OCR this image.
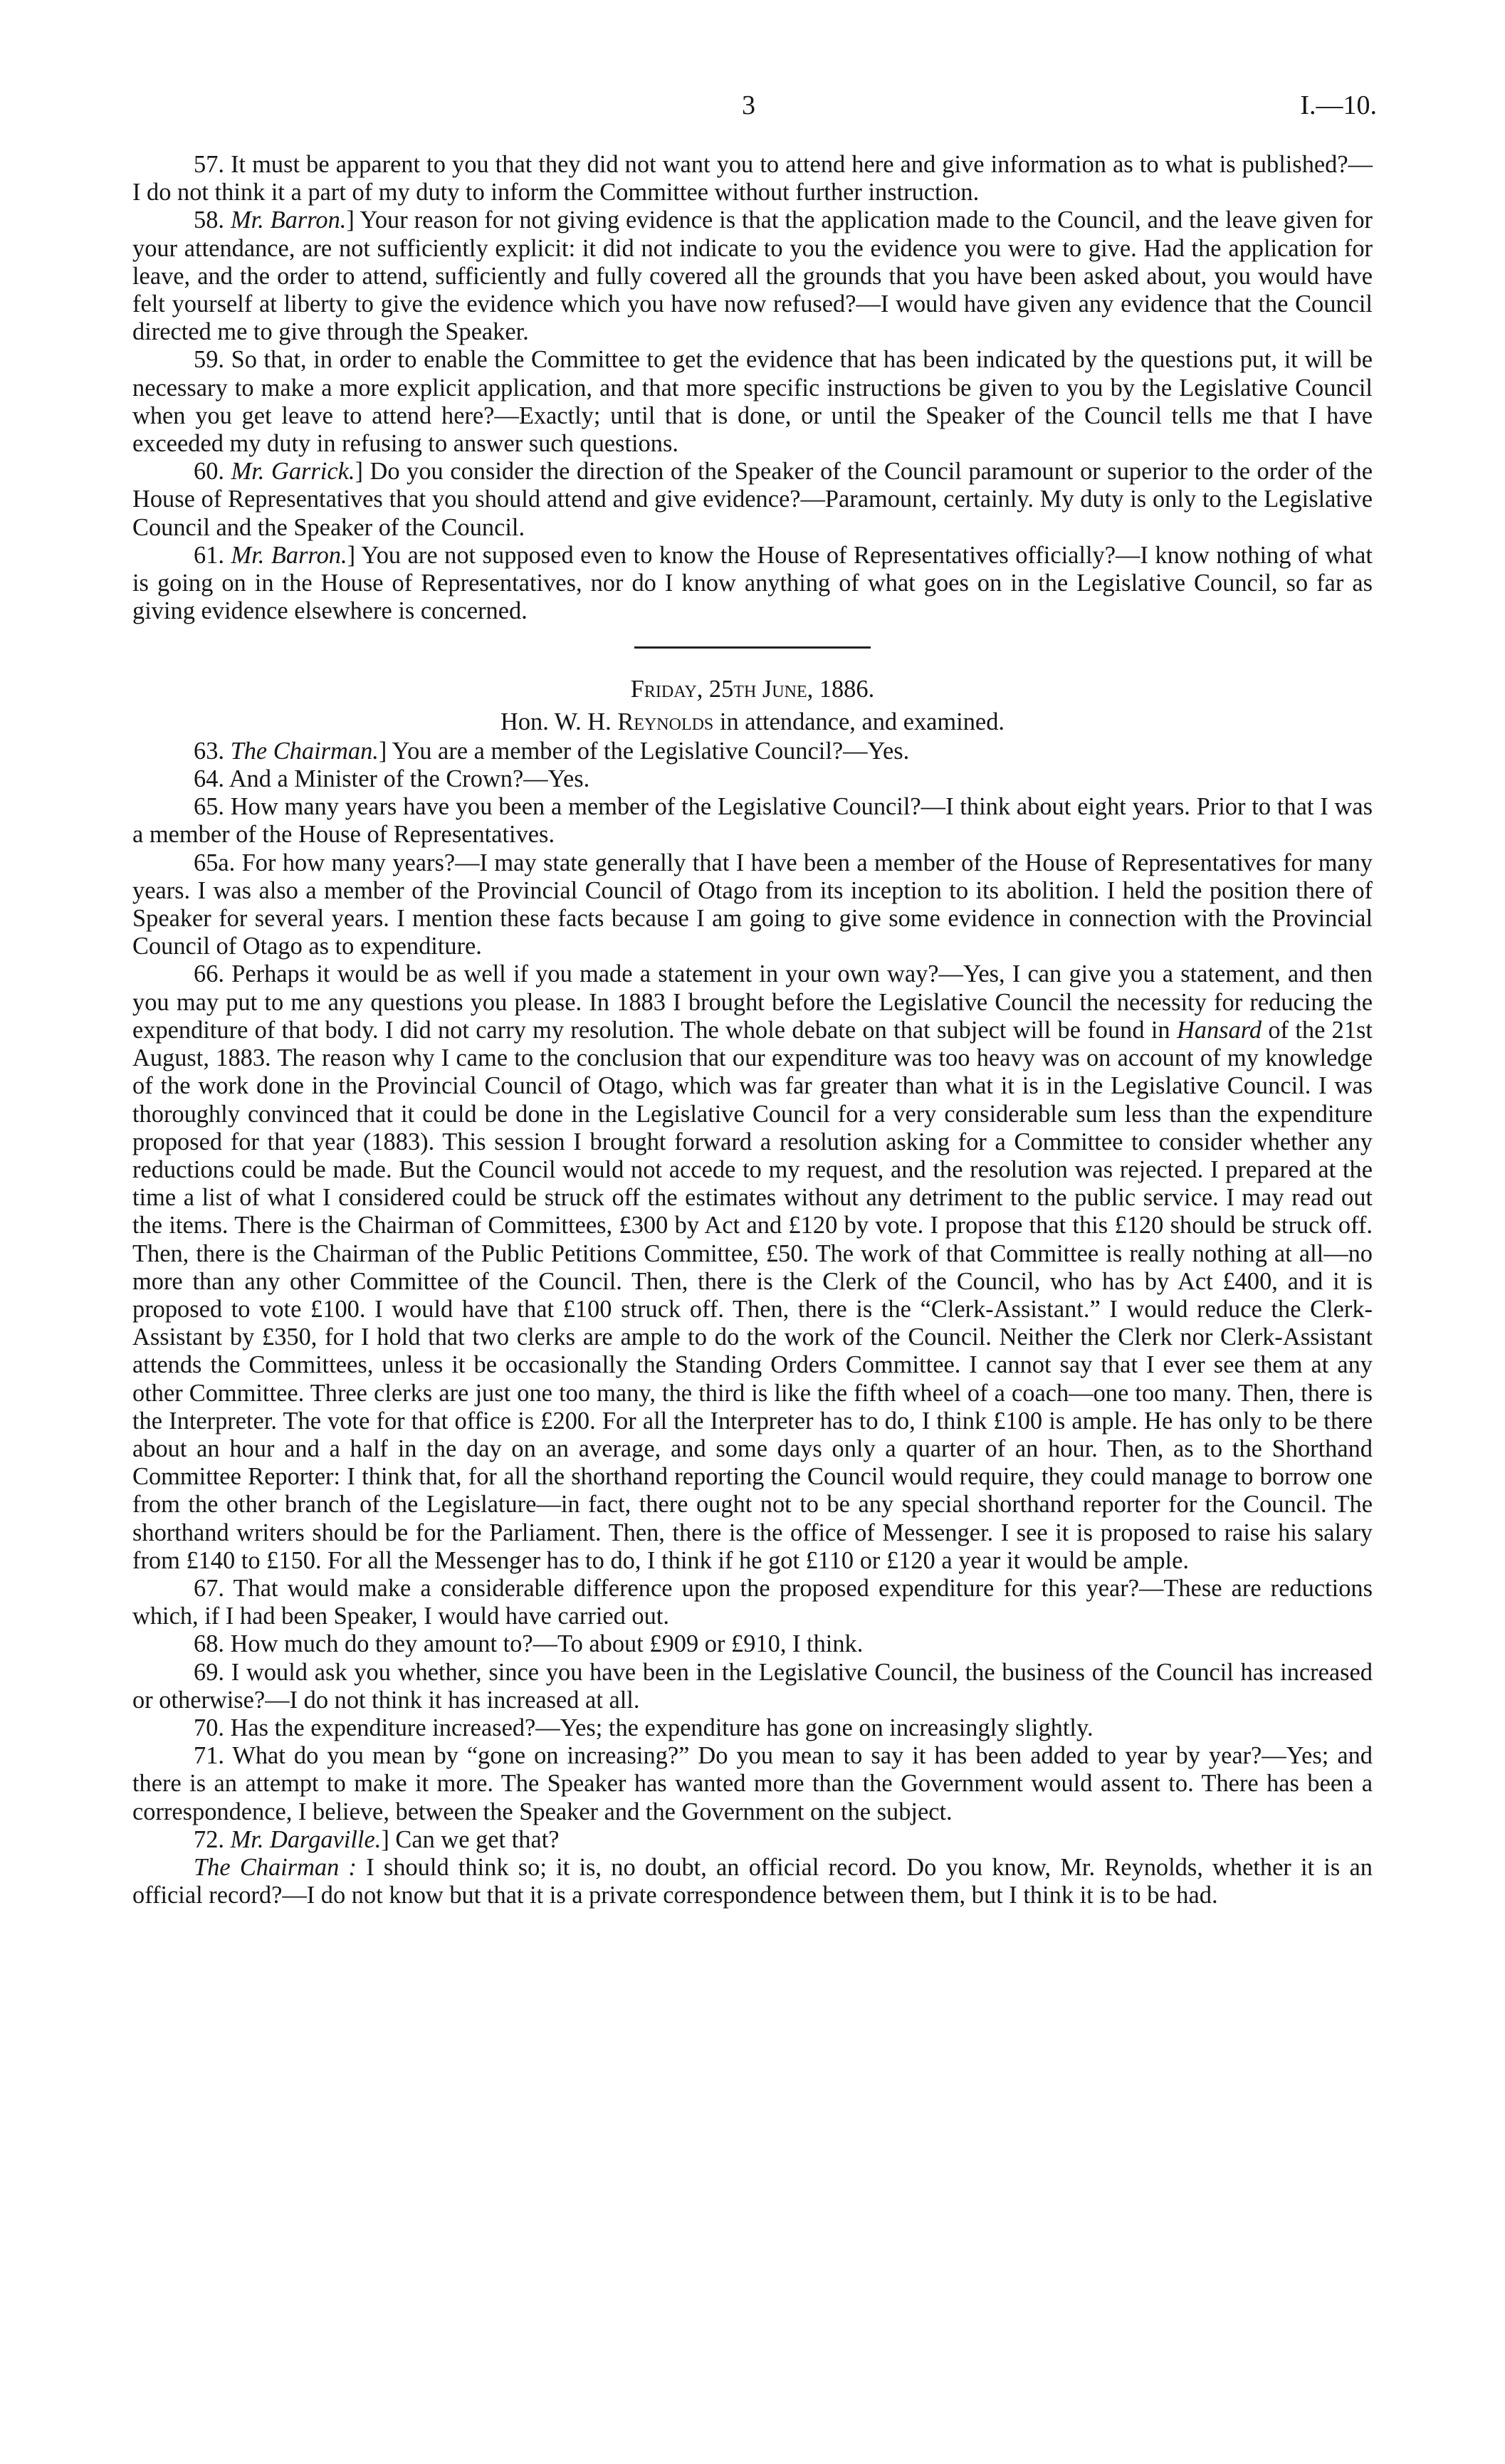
3	I.—10.

57. It must be apparent to you that they did not want you to attend here and give information as to what is published?—I do not think it a part of my duty to inform the Committee without further instruction.

58. Mr. Barron.] Your reason for not giving evidence is that the application made to the Council, and the leave given for your attendance, are not sufficiently explicit: it did not indicate to you the evidence you were to give. Had the application for leave, and the order to attend, sufficiently and fully covered all the grounds that you have been asked about, you would have felt yourself at liberty to give the evidence which you have now refused?—I would have given any evidence that the Council directed me to give through the Speaker.

59. So that, in order to enable the Committee to get the evidence that has been indicated by the questions put, it will be necessary to make a more explicit application, and that more specific instructions be given to you by the Legislative Council when you get leave to attend here?—Exactly; until that is done, or until the Speaker of the Council tells me that I have exceeded my duty in refusing to answer such questions.

60. Mr. Garrick.] Do you consider the direction of the Speaker of the Council paramount or superior to the order of the House of Representatives that you should attend and give evidence?—Paramount, certainly. My duty is only to the Legislative Council and the Speaker of the Council.

61. Mr. Barron.] You are not supposed even to know the House of Representatives officially?—I know nothing of what is going on in the House of Representatives, nor do I know anything of what goes on in the Legislative Council, so far as giving evidence elsewhere is concerned.

Friday, 25th June, 1886.

Hon. W. H. Reynolds in attendance, and examined.

63. The Chairman.] You are a member of the Legislative Council?—Yes.

64. And a Minister of the Crown?—Yes.

65. How many years have you been a member of the Legislative Council?—I think about eight years. Prior to that I was a member of the House of Representatives.

65a. For how many years?—I may state generally that I have been a member of the House of Representatives for many years. I was also a member of the Provincial Council of Otago from its inception to its abolition. I held the position there of Speaker for several years. I mention these facts because I am going to give some evidence in connection with the Provincial Council of Otago as to expenditure.

66. Perhaps it would be as well if you made a statement in your own way?—Yes, I can give you a statement, and then you may put to me any questions you please. In 1883 I brought before the Legislative Council the necessity for reducing the expenditure of that body. I did not carry my resolution. The whole debate on that subject will be found in Hansard of the 21st August, 1883. The reason why I came to the conclusion that our expenditure was too heavy was on account of my knowledge of the work done in the Provincial Council of Otago, which was far greater than what it is in the Legislative Council. I was thoroughly convinced that it could be done in the Legislative Council for a very considerable sum less than the expenditure proposed for that year (1883). This session I brought forward a resolution asking for a Committee to consider whether any reductions could be made. But the Council would not accede to my request, and the resolution was rejected. I prepared at the time a list of what I considered could be struck off the estimates without any detriment to the public service. I may read out the items. There is the Chairman of Committees, £300 by Act and £120 by vote. I propose that this £120 should be struck off. Then, there is the Chairman of the Public Petitions Committee, £50. The work of that Committee is really nothing at all—no more than any other Committee of the Council. Then, there is the Clerk of the Council, who has by Act £400, and it is proposed to vote £100. I would have that £100 struck off. Then, there is the “Clerk-Assistant.” I would reduce the Clerk-Assistant by £350, for I hold that two clerks are ample to do the work of the Council. Neither the Clerk nor Clerk-Assistant attends the Committees, unless it be occasionally the Standing Orders Committee. I cannot say that I ever see them at any other Committee. Three clerks are just one too many, the third is like the fifth wheel of a coach—one too many. Then, there is the Interpreter. The vote for that office is £200. For all the Interpreter has to do, I think £100 is ample. He has only to be there about an hour and a half in the day on an average, and some days only a quarter of an hour. Then, as to the Shorthand Committee Reporter: I think that, for all the shorthand reporting the Council would require, they could manage to borrow one from the other branch of the Legislature—in fact, there ought not to be any special shorthand reporter for the Council. The shorthand writers should be for the Parliament. Then, there is the office of Messenger. I see it is proposed to raise his salary from £140 to £150. For all the Messenger has to do, I think if he got £110 or £120 a year it would be ample.

67. That would make a considerable difference upon the proposed expenditure for this year?—These are reductions which, if I had been Speaker, I would have carried out.

68. How much do they amount to?—To about £909 or £910, I think.

69. I would ask you whether, since you have been in the Legislative Council, the business of the Council has increased or otherwise?—I do not think it has increased at all.

70. Has the expenditure increased?—Yes; the expenditure has gone on increasingly slightly.

71. What do you mean by “gone on increasing?” Do you mean to say it has been added to year by year?—Yes; and there is an attempt to make it more. The Speaker has wanted more than the Government would assent to. There has been a correspondence, I believe, between the Speaker and the Government on the subject.

72. Mr. Dargaville.] Can we get that?

The Chairman : I should think so; it is, no doubt, an official record. Do you know, Mr. Reynolds, whether it is an official record?—I do not know but that it is a private correspondence between them, but I think it is to be had.
